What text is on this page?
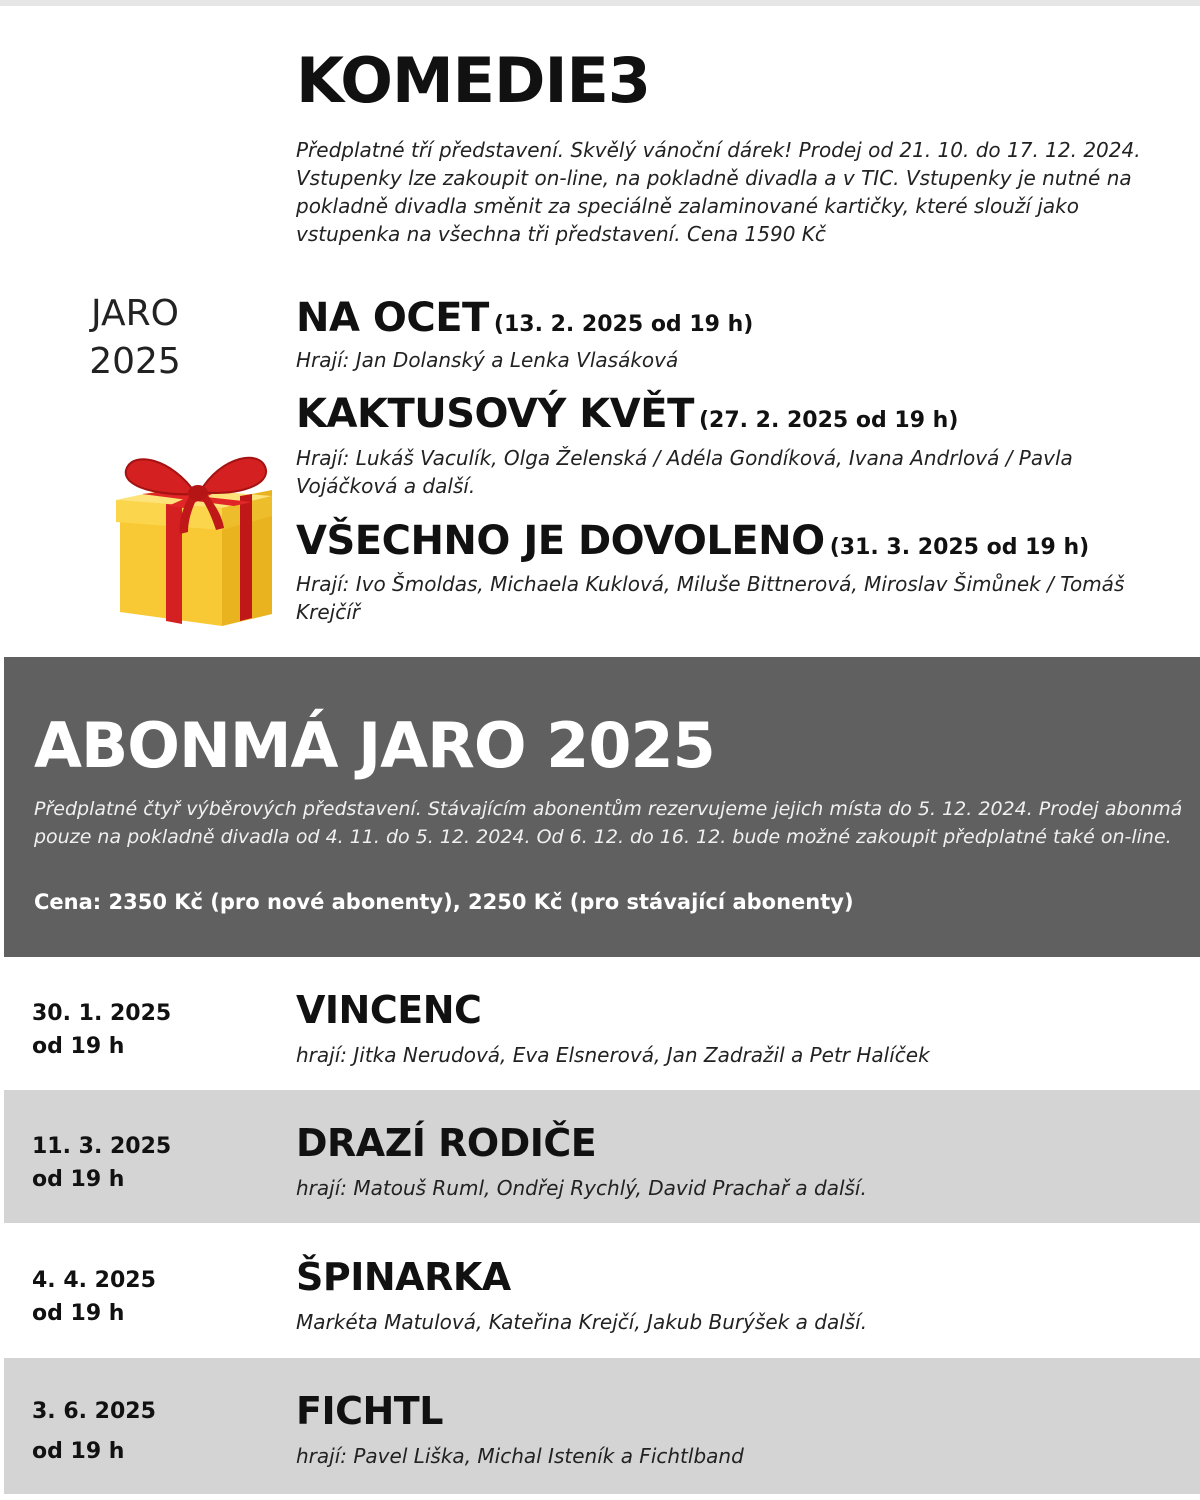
KOMEDIE3
Předplatné tří představení. Skvělý vánoční dárek! Prodej od 21. 10. do 17. 12. 2024. Vstupenky lze zakoupit on-line, na pokladně divadla a v TIC. Vstupenky je nutné na pokladně divadla směnit za speciálně zalaminované kartičky, které slouží jako vstupenka na všechna tři představení. Cena 1590 Kč
JARO
2025
NA OCET (13. 2. 2025 od 19 h)
Hrají: Jan Dolanský a Lenka Vlasáková
KAKTUSOVÝ KVĚT (27. 2. 2025 od 19 h)
Hrají: Lukáš Vaculík, Olga Želenská / Adéla Gondíková, Ivana Andrlová / Pavla Vojáčková a další.
VŠECHNO JE DOVOLENO (31. 3. 2025 od 19 h)
Hrají: Ivo Šmoldas, Michaela Kuklová, Miluše Bittnerová, Miroslav Šimůnek / Tomáš Krejčíř
ABONMÁ JARO 2025
Předplatné čtyř výběrových představení. Stávajícím abonentům rezervujeme jejich místa do 5. 12. 2024. Prodej abonmá pouze na pokladně divadla od 4. 11. do 5. 12. 2024. Od 6. 12. do 16. 12. bude možné zakoupit předplatné také on-line.
Cena: 2350 Kč (pro nové abonenty), 2250 Kč (pro stávající abonenty)
30. 1. 2025
od 19 h
VINCENC
hrají: Jitka Nerudová, Eva Elsnerová, Jan Zadražil a Petr Halíček
11. 3. 2025
od 19 h
DRAZÍ RODIČE
hrají: Matouš Ruml, Ondřej Rychlý, David Prachař a další.
4. 4. 2025
od 19 h
ŠPINARKA
Markéta Matulová, Kateřina Krejčí, Jakub Burýšek a další.
3. 6. 2025
od 19 h
FICHTL
hrají: Pavel Liška, Michal Isteník a Fichtlband
